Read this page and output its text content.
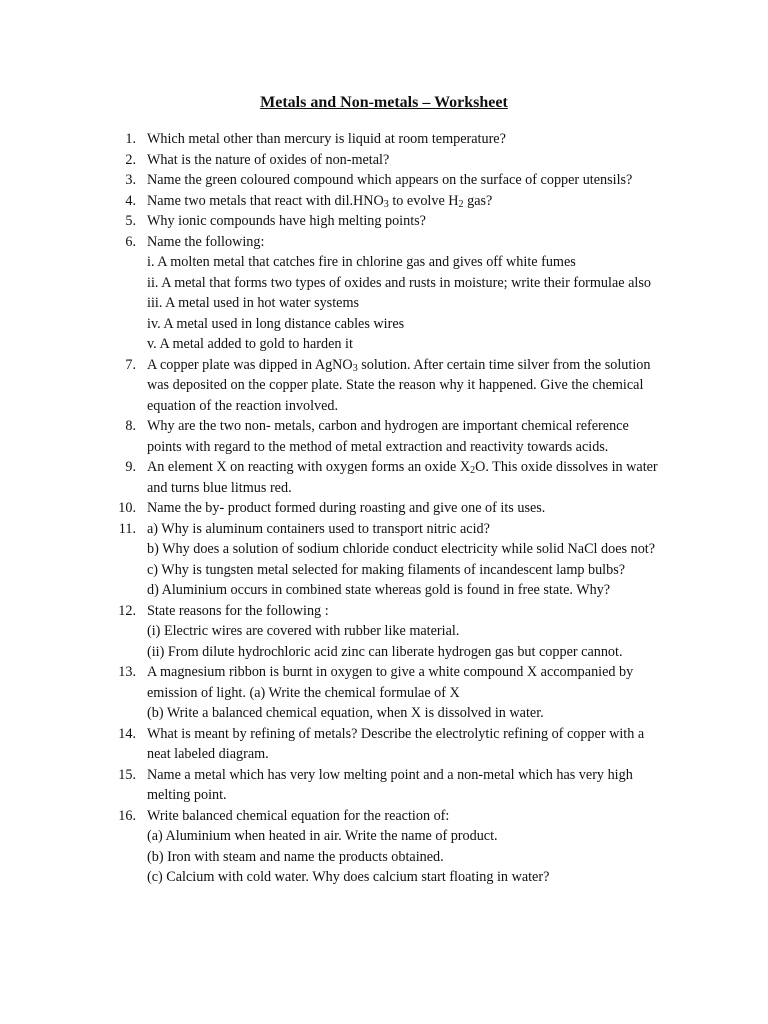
Metals and Non-metals – Worksheet
1. Which metal other than mercury is liquid at room temperature?
2. What is the nature of oxides of non-metal?
3. Name the green coloured compound which appears on the surface of copper utensils?
4. Name two metals that react with $dil.HNO_3$ to evolve $H_2$ gas?
5. Why ionic compounds have high melting points?
6. Name the following:
i. A molten metal that catches fire in chlorine gas and gives off white fumes
ii. A metal that forms two types of oxides and rusts in moisture; write their formulae also
iii. A metal used in hot water systems
iv. A metal used in long distance cables wires
v. A metal added to gold to harden it
7. A copper plate was dipped in AgNO$_3$ solution. After certain time silver from the solution
was deposited on the copper plate. State the reason why it happened. Give the chemical
equation of the reaction involved.
8. Why are the two non- metals, carbon and hydrogen are important chemical reference
points with regard to the method of metal extraction and reactivity towards acids.
9. An element X on reacting with oxygen forms an oxide $X_2O$. This oxide dissolves in water
and turns blue litmus red.
10. Name the by- product formed during roasting and give one of its uses.
11. a) Why is aluminum containers used to transport nitric acid?
b) Why does a solution of sodium chloride conduct electricity while solid NaCl does not?
c) Why is tungsten metal selected for making filaments of incandescent lamp bulbs?
d) Aluminium occurs in combined state whereas gold is found in free state. Why?
12. State reasons for the following :
(i) Electric wires are covered with rubber like material.
(ii) From dilute hydrochloric acid zinc can liberate hydrogen gas but copper cannot.
13. A magnesium ribbon is burnt in oxygen to give a white compound X accompanied by
emission of light. (a) Write the chemical formulae of X
(b) Write a balanced chemical equation, when X is dissolved in water.
14. What is meant by refining of metals? Describe the electrolytic refining of copper with a
neat labeled diagram.
15. Name a metal which has very low melting point and a non-metal which has very high
melting point.
16. Write balanced chemical equation for the reaction of:
(a) Aluminium when heated in air. Write the name of product.
(b) Iron with steam and name the products obtained.
(c) Calcium with cold water. Why does calcium start floating in water?
